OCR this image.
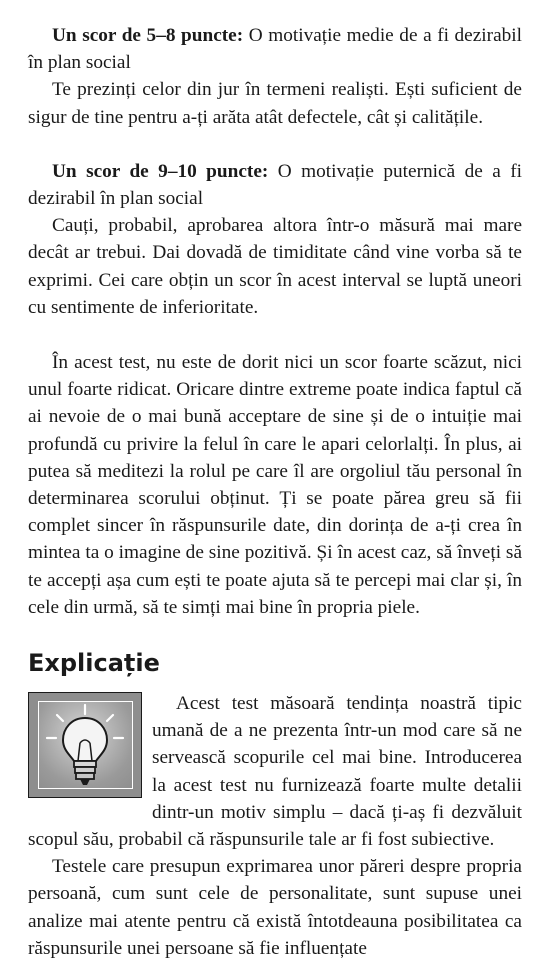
Un scor de 5–8 puncte: O motivație medie de a fi dezirabil în plan social

Te prezinți celor din jur în termeni realiști. Ești suficient de sigur de tine pentru a-ți arăta atât defectele, cât și calitățile.

Un scor de 9–10 puncte: O motivație puternică de a fi dezirabil în plan social

Cauți, probabil, aprobarea altora într-o măsură mai mare decât ar trebui. Dai dovadă de timiditate când vine vorba să te exprimi. Cei care obțin un scor în acest interval se luptă uneori cu sentimente de inferioritate.

În acest test, nu este de dorit nici un scor foarte scăzut, nici unul foarte ridicat. Oricare dintre extreme poate indica faptul că ai nevoie de o mai bună acceptare de sine și de o intuiție mai profundă cu privire la felul în care le apari celorlalți. În plus, ai putea să meditezi la rolul pe care îl are orgoliul tău personal în determinarea scorului obținut. Ți se poate părea greu să fii complet sincer în răspunsurile date, din dorința de a-ți crea în mintea ta o imagine de sine pozitivă. Și în acest caz, să înveți să te accepți așa cum ești te poate ajuta să te percepi mai clar și, în cele din urmă, să te simți mai bine în propria piele.

Explicație

Acest test măsoară tendința noastră tipic umană de a ne prezenta într-un mod care să ne servească scopurile cel mai bine. Introducerea la acest test nu furnizează foarte multe detalii dintr-un motiv simplu – dacă ți-aș fi dezvăluit scopul său, probabil că răspunsurile tale ar fi fost subiective.

Testele care presupun exprimarea unor păreri despre propria persoană, cum sunt cele de personalitate, sunt supuse unei analize mai atente pentru că există întotdeauna posibilitatea ca răspunsurile unei persoane să fie influențate
